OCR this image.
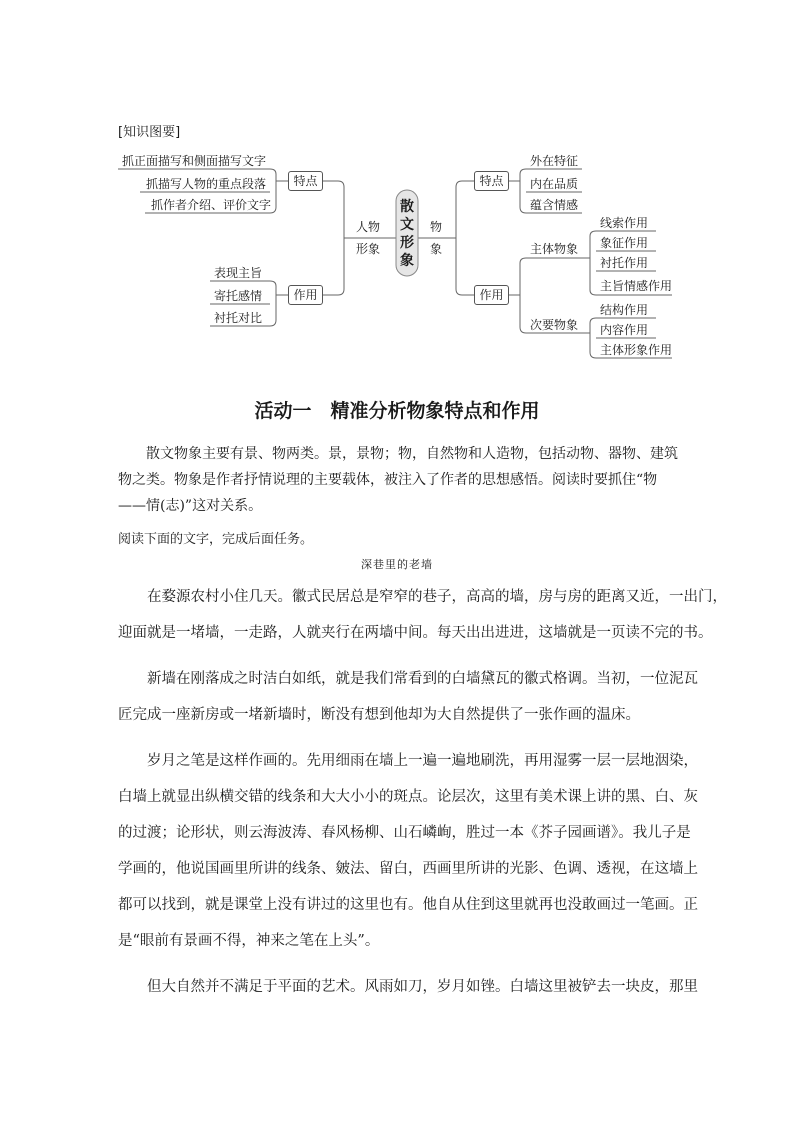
[知识图要]
散文形象
人物
形象
物
象
抓正面描写和侧面描写文字
抓描写人物的重点段落
抓作者介绍、评价文字
特点
表现主旨
寄托感情
衬托对比
作用
特点
外在特征
内在品质
蕴含情感
作用
主体物象
次要物象
线索作用
象征作用
衬托作用
主旨情感作用
结构作用
内容作用
主体形象作用
活动一　精准分析物象特点和作用
散文物象主要有景、物两类。景，景物；物，自然物和人造物，包括动物、器物、建筑物之类。物象是作者抒情说理的主要载体，被注入了作者的思想感悟。阅读时要抓住“物——情(志)”这对关系。
阅读下面的文字，完成后面任务。
深巷里的老墙
　　在婺源农村小住几天。徽式民居总是窄窄的巷子，高高的墙，房与房的距离又近，一出门，
迎面就是一堵墙，一走路，人就夹行在两墙中间。每天出出进进，这墙就是一页读不完的书。
　　新墙在刚落成之时洁白如纸，就是我们常看到的白墙黛瓦的徽式格调。当初，一位泥瓦
匠完成一座新房或一堵新墙时，断没有想到他却为大自然提供了一张作画的温床。
　　岁月之笔是这样作画的。先用细雨在墙上一遍一遍地刷洗，再用湿雾一层一层地洇染，
白墙上就显出纵横交错的线条和大大小小的斑点。论层次，这里有美术课上讲的黑、白、灰
的过渡；论形状，则云海波涛、春风杨柳、山石嶙峋，胜过一本《芥子园画谱》。我儿子是
学画的，他说国画里所讲的线条、皴法、留白，西画里所讲的光影、色调、透视，在这墙上
都可以找到，就是课堂上没有讲过的这里也有。他自从住到这里就再也没敢画过一笔画。正
是“眼前有景画不得，神来之笔在上头”。
　　但大自然并不满足于平面的艺术。风雨如刀，岁月如锉。白墙这里被铲去一块皮，那里
